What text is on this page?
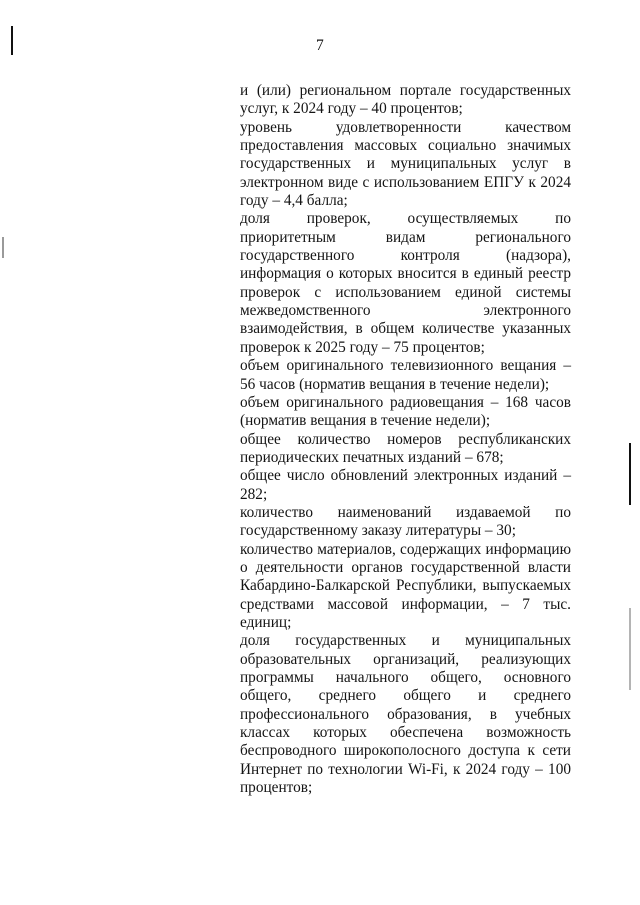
7

и (или) региональном портале государственных услуг, к 2024 году – 40 процентов;

уровень удовлетворенности качеством предоставления массовых социально значимых государственных и муниципальных услуг в электронном виде с использованием ЕПГУ к 2024 году – 4,4 балла;

доля проверок, осуществляемых по приоритетным видам регионального государственного контроля (надзора), информация о которых вносится в единый реестр проверок с использованием единой системы межведомственного электронного взаимодействия, в общем количестве указанных проверок к 2025 году – 75 процентов;

объем оригинального телевизионного вещания – 56 часов (норматив вещания в течение недели);

объем оригинального радиовещания – 168 часов (норматив вещания в течение недели);

общее количество номеров республиканских периодических печатных изданий – 678;

общее число обновлений электронных изданий – 282;

количество наименований издаваемой по государственному заказу литературы – 30;

количество материалов, содержащих информацию о деятельности органов государственной власти Кабардино-Балкарской Республики, выпускаемых средствами массовой информации, – 7 тыс. единиц;

доля государственных и муниципальных образовательных организаций, реализующих программы начального общего, основного общего, среднего общего и среднего профессионального образования, в учебных классах которых обеспечена возможность беспроводного широкополосного доступа к сети Интернет по технологии Wi-Fi, к 2024 году – 100 процентов;
